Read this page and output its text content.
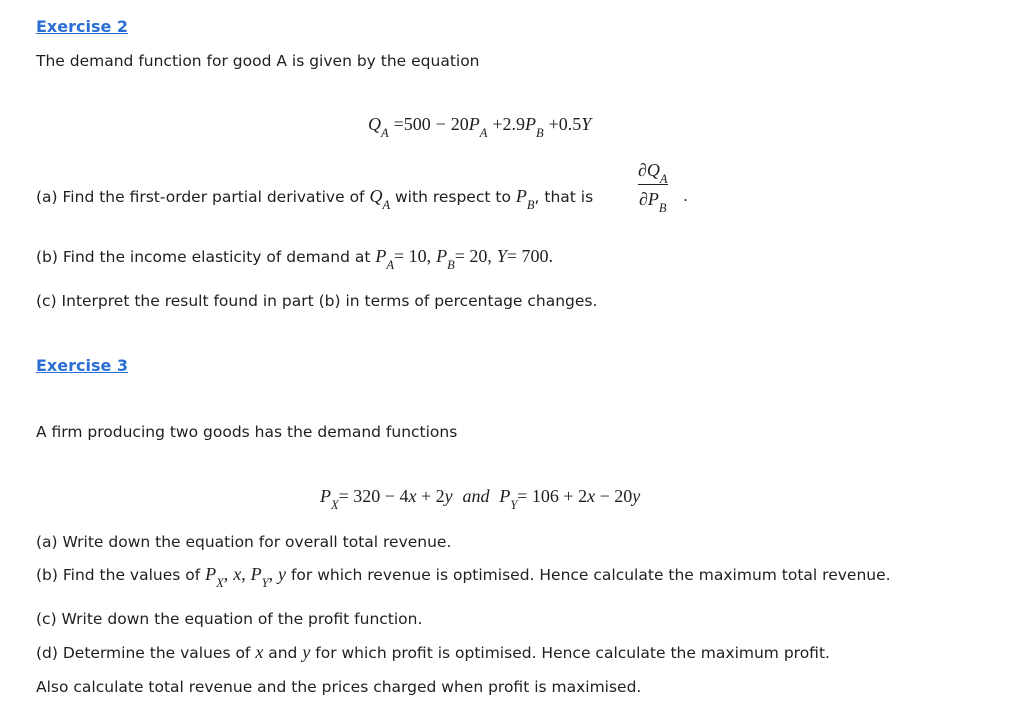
Exercise 2
The demand function for good A is given by the equation
$Q_A =500 - 20P_A +2.9P_B +0.5Y$
(a) Find the first-order partial derivative of $Q_A$ with respect to $P_B$, that is
$\partial Q_A$
$\partial P_B$
.
(b) Find the income elasticity of demand at $P_A= 10$, $P_B= 20$, Y= 700.
(c) Interpret the result found in part (b) in terms of percentage changes.
Exercise 3
A firm producing two goods has the demand functions
$P_X= 320 - 4x + 2y$ and $P_Y= 106 + 2x - 20y$
(a) Write down the equation for overall total revenue.
(b) Find the values of $P_X$, x, $P_Y$, y for which revenue is optimised. Hence calculate the maximum total revenue.
(c) Write down the equation of the profit function.
(d) Determine the values of x and y for which profit is optimised. Hence calculate the maximum profit.
Also calculate total revenue and the prices charged when profit is maximised.
